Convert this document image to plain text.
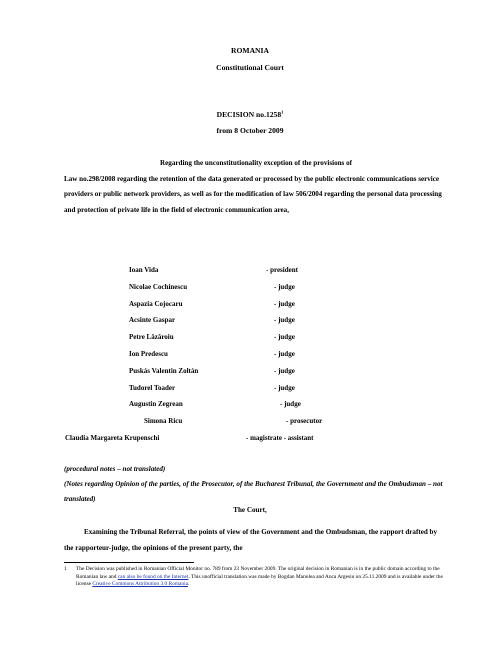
ROMANIA
Constitutional Court
DECISION no.1258$^1$
from 8 October 2009
Regarding the unconstitutionality exception of the provisions of
Law no.298/2008 regarding the retention of the data generated or processed by the public electronic communications service providers or public network providers, as well as for the modification of law 506/2004 regarding the personal data processing and protection of private life in the field of electronic communication area,
Ioan Vida	- president
Nicolae Cochinescu	- judge
Aspazia Cojocaru	- judge
Acsinte Gaspar	- judge
Petre Lăzăroiu	- judge
Ion Predescu	- judge
Puskás Valentin Zoltán	- judge
Tudorel Toader	- judge
Augustin Zegrean	- judge
Simona Ricu	- prosecutor
Claudia Margareta Krupenschi	- magistrate - assistant
(procedural notes – not translated)
(Notes regarding Opinion of the parties, of the Prosecutor, of the Bucharest Tribunal, the Government and the Ombudsman – not translated)
The Court,
Examining the Tribunal Referral, the points of view of the Government and the Ombudsman, the rapport drafted by the rapporteur-judge, the opinions of the present party, the
1 The Decision was published in Romanian Official Monitor no. 789 from 23 November 2009. The original decision in Romanian is in the public domain according to the Romanian law and can also be found on the Internet. This unofficial translation was made by Bogdan Manolea and Anca Argesiu on 25.11.2009 and is available under the license Creative Commons Attribution 3.0 Romania.
